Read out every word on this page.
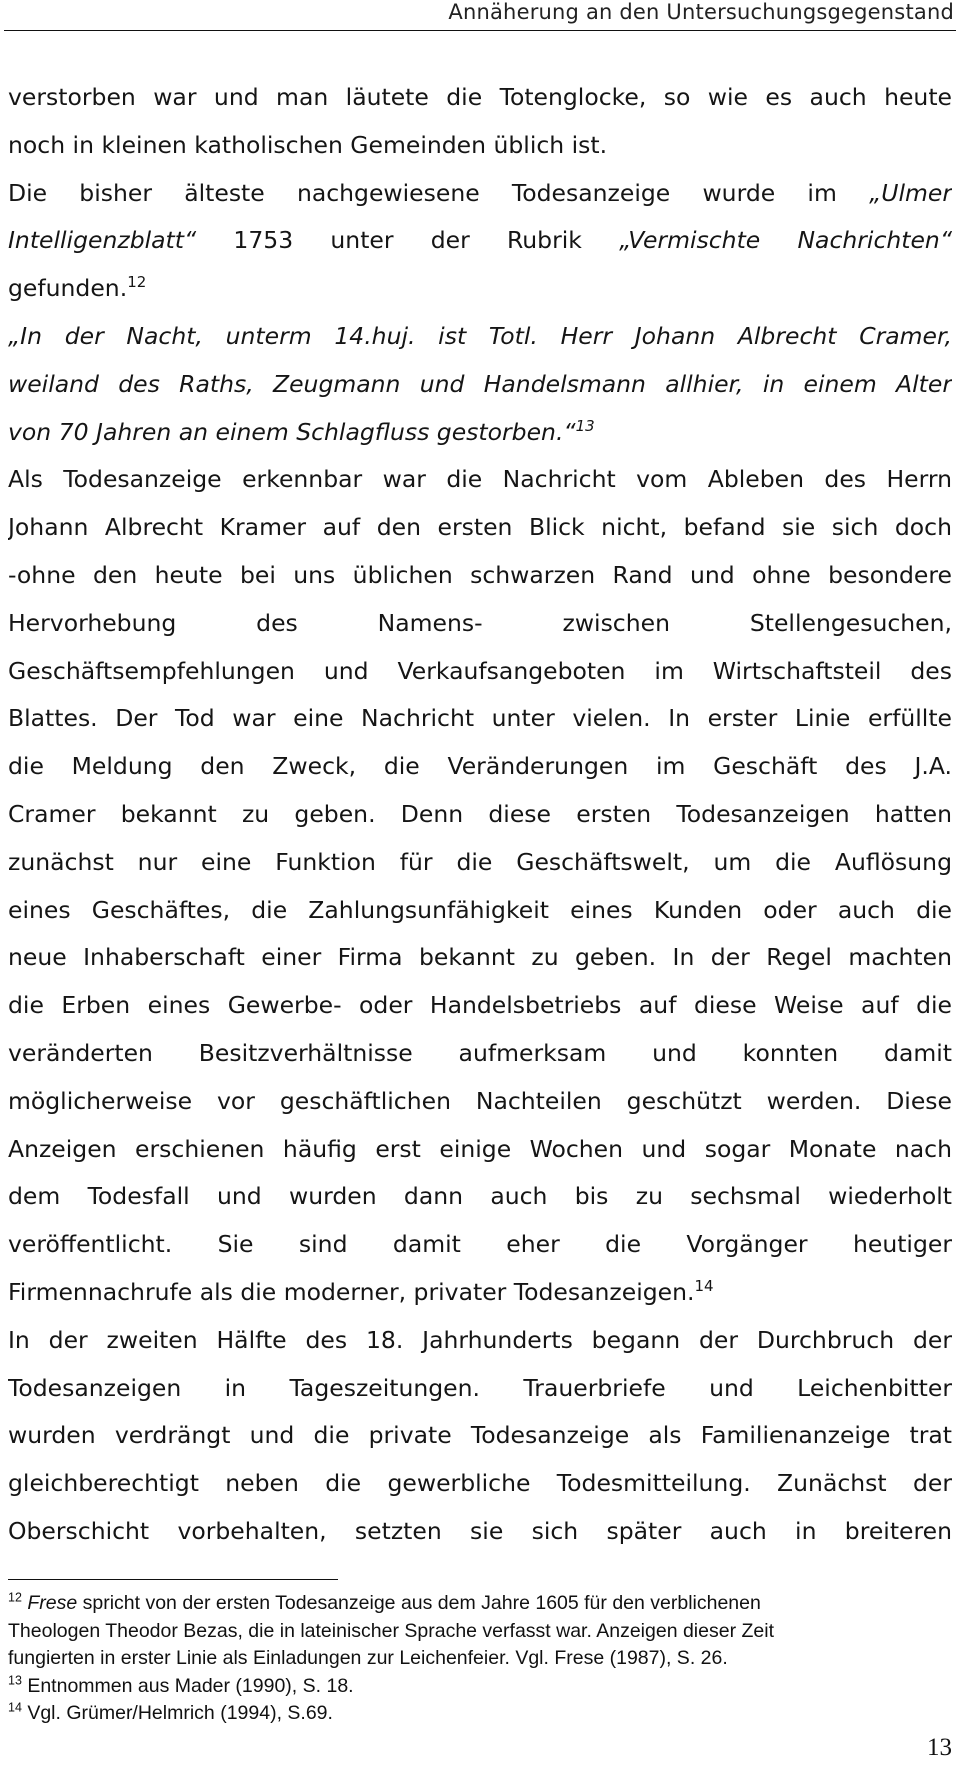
Annäherung an den Untersuchungsgegenstand
verstorben war und man läutete die Totenglocke, so wie es auch heute
noch in kleinen katholischen Gemeinden üblich ist.
Die bisher älteste nachgewiesene Todesanzeige wurde im „Ulmer
Intelligenzblatt“ 1753 unter der Rubrik „Vermischte Nachrichten“
gefunden.$^{12}$
„In der Nacht, unterm 14.huj. ist Totl. Herr Johann Albrecht Cramer,
weiland des Raths, Zeugmann und Handelsmann allhier, in einem Alter
von 70 Jahren an einem Schlagfluss gestorben.“$^{13}$
Als Todesanzeige erkennbar war die Nachricht vom Ableben des Herrn
Johann Albrecht Kramer auf den ersten Blick nicht, befand sie sich doch
-ohne den heute bei uns üblichen schwarzen Rand und ohne besondere
Hervorhebung des Namens- zwischen Stellengesuchen,
Geschäftsempfehlungen und Verkaufsangeboten im Wirtschaftsteil des
Blattes. Der Tod war eine Nachricht unter vielen. In erster Linie erfüllte
die Meldung den Zweck, die Veränderungen im Geschäft des J.A.
Cramer bekannt zu geben. Denn diese ersten Todesanzeigen hatten
zunächst nur eine Funktion für die Geschäftswelt, um die Auflösung
eines Geschäftes, die Zahlungsunfähigkeit eines Kunden oder auch die
neue Inhaberschaft einer Firma bekannt zu geben. In der Regel machten
die Erben eines Gewerbe- oder Handelsbetriebs auf diese Weise auf die
veränderten Besitzverhältnisse aufmerksam und konnten damit
möglicherweise vor geschäftlichen Nachteilen geschützt werden. Diese
Anzeigen erschienen häufig erst einige Wochen und sogar Monate nach
dem Todesfall und wurden dann auch bis zu sechsmal wiederholt
veröffentlicht. Sie sind damit eher die Vorgänger heutiger
Firmennachrufe als die moderner, privater Todesanzeigen.$^{14}$
In der zweiten Hälfte des 18. Jahrhunderts begann der Durchbruch der
Todesanzeigen in Tageszeitungen. Trauerbriefe und Leichenbitter
wurden verdrängt und die private Todesanzeige als Familienanzeige trat
gleichberechtigt neben die gewerbliche Todesmitteilung. Zunächst der
Oberschicht vorbehalten, setzten sie sich später auch in breiteren
$^{12}$ Frese spricht von der ersten Todesanzeige aus dem Jahre 1605 für den verblichenen
Theologen Theodor Bezas, die in lateinischer Sprache verfasst war. Anzeigen dieser Zeit
fungierten in erster Linie als Einladungen zur Leichenfeier. Vgl. Frese (1987), S. 26.
$^{13}$ Entnommen aus Mader (1990), S. 18.
$^{14}$ Vgl. Grümer/Helmrich (1994), S.69.
13
